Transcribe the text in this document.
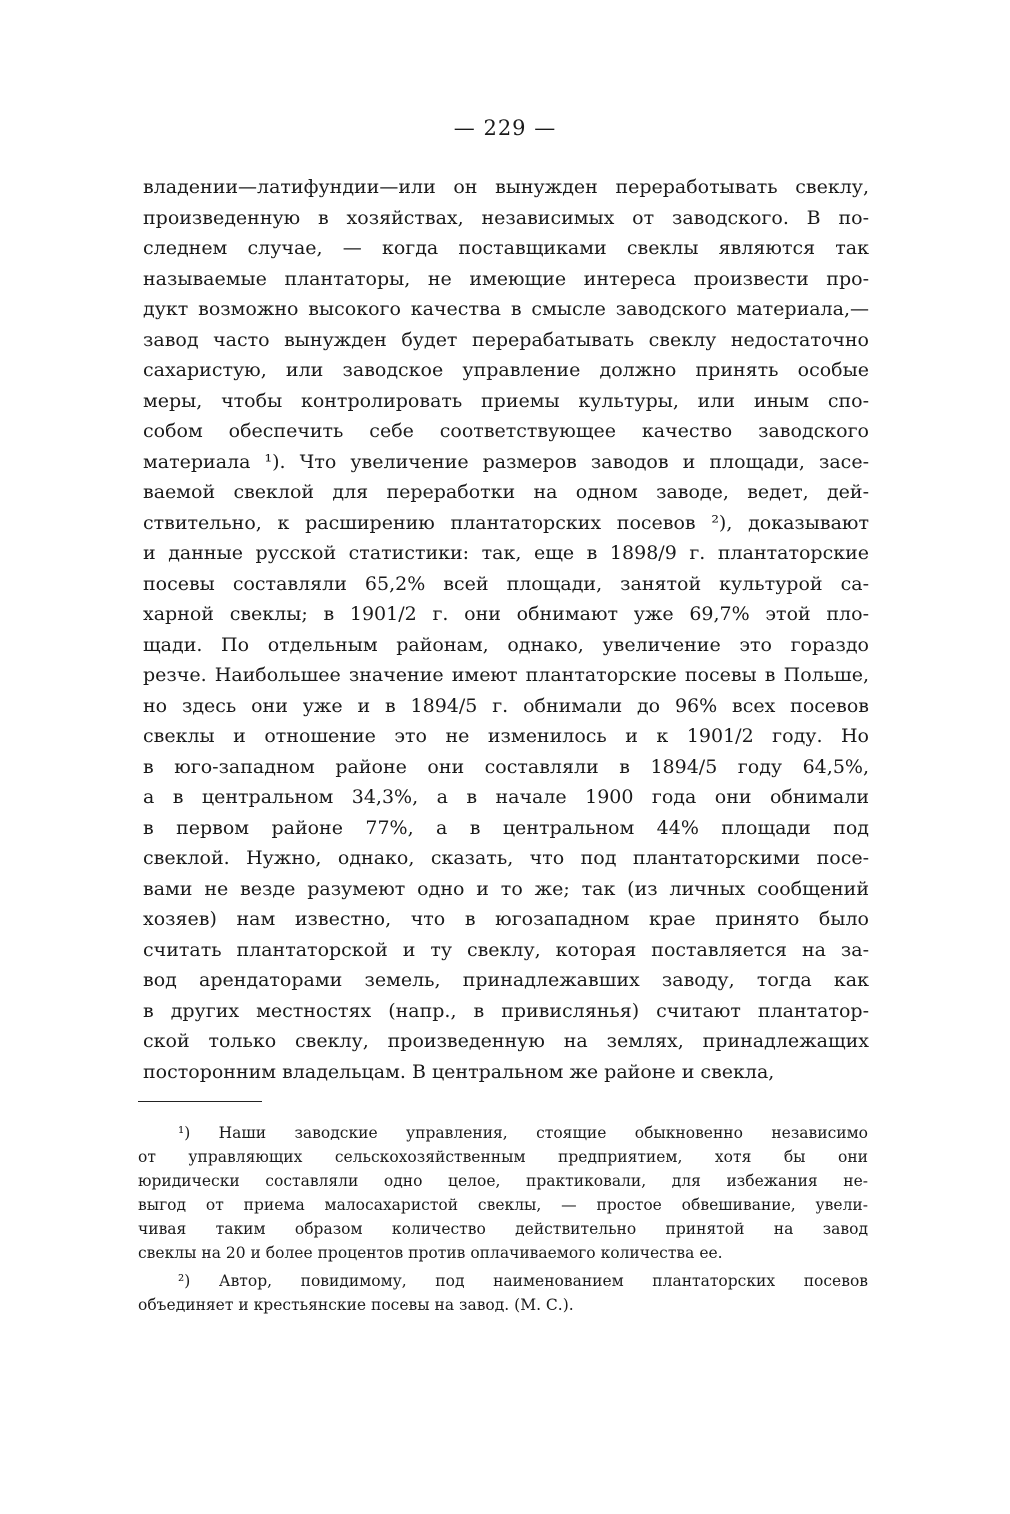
— 229 —
владении—латифундии—или он вынужден переработывать свеклу,
произведенную в хозяйствах, независимых от заводского. В по-
следнем случае, — когда поставщиками свеклы являются так
называемые плантаторы, не имеющие интереса произвести про-
дукт возможно высокого качества в смысле заводского материала,—
завод часто вынужден будет перерабатывать свеклу недостаточно
сахаристую, или заводское управление должно принять особые
меры, чтобы контролировать приемы культуры, или иным спо-
собом обеспечить себе соответствующее качество заводского
материала ¹). Что увеличение размеров заводов и площади, засе-
ваемой свеклой для переработки на одном заводе, ведет, дей-
ствительно, к расширению плантаторских посевов ²), доказывают
и данные русской статистики: так, еще в 1898/9 г. плантаторские
посевы составляли 65,2% всей площади, занятой культурой са-
харной свеклы; в 1901/2 г. они обнимают уже 69,7% этой пло-
щади. По отдельным районам, однако, увеличение это гораздо
резче. Наибольшее значение имеют плантаторские посевы в Польше,
но здесь они уже и в 1894/5 г. обнимали до 96% всех посевов
свеклы и отношение это не изменилось и к 1901/2 году. Но
в юго-западном районе они составляли в 1894/5 году 64,5%,
а в центральном 34,3%, а в начале 1900 года они обнимали
в первом районе 77%, а в центральном 44% площади под
свеклой. Нужно, однако, сказать, что под плантаторскими посе-
вами не везде разумеют одно и то же; так (из личных сообщений
хозяев) нам известно, что в югозападном крае принято было
считать плантаторской и ту свеклу, которая поставляется на за-
вод арендаторами земель, принадлежавших заводу, тогда как
в других местностях (напр., в привислянья) считают плантатор-
ской только свеклу, произведенную на землях, принадлежащих
посторонним владельцам. В центральном же районе и свекла,
¹) Наши заводские управления, стоящие обыкновенно независимо
от управляющих сельскохозяйственным предприятием, хотя бы они
юридически составляли одно целое, практиковали, для избежания не-
выгод от приема малосахаристой свеклы, — простое обвешивание, увели-
чивая таким образом количество действительно принятой на завод
свеклы на 20 и более процентов против оплачиваемого количества ее.
²) Автор, повидимому, под наименованием плантаторских посевов
объединяет и крестьянские посевы на завод. (М. С.).
